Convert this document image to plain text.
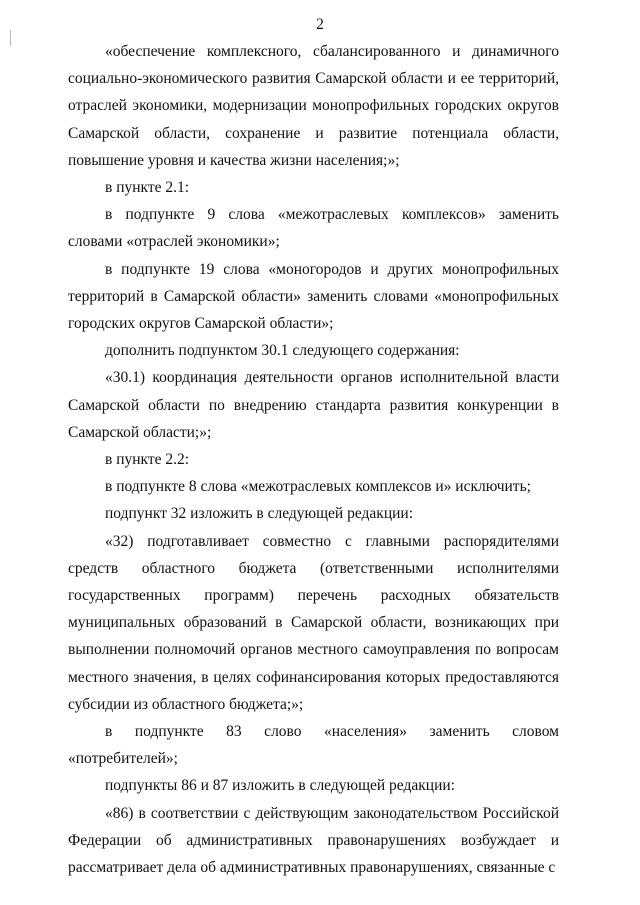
2

«обеспечение комплексного, сбалансированного и динамичного социально-экономического развития Самарской области и ее территорий, отраслей экономики, модернизации монопрофильных городских округов Самарской области, сохранение и развитие потенциала области, повышение уровня и качества жизни населения;»;

в пункте 2.1:

в подпункте 9 слова «межотраслевых комплексов» заменить словами «отраслей экономики»;

в подпункте 19 слова «моногородов и других монопрофильных территорий в Самарской области» заменить словами «монопрофильных городских округов Самарской области»;

дополнить подпунктом 30.1 следующего содержания:

«30.1) координация деятельности органов исполнительной власти Самарской области по внедрению стандарта развития конкуренции в Самарской области;»;

в пункте 2.2:

в подпункте 8 слова «межотраслевых комплексов и» исключить;

подпункт 32 изложить в следующей редакции:

«32) подготавливает совместно с главными распорядителями средств областного бюджета (ответственными исполнителями государственных программ) перечень расходных обязательств муниципальных образований в Самарской области, возникающих при выполнении полномочий органов местного самоуправления по вопросам местного значения, в целях софинансирования которых предоставляются субсидии из областного бюджета;»;

в подпункте 83 слово «населения» заменить словом «потребителей»;

подпункты 86 и 87 изложить в следующей редакции:

«86) в соответствии с действующим законодательством Российской Федерации об административных правонарушениях возбуждает и рассматривает дела об административных правонарушениях, связанные с
